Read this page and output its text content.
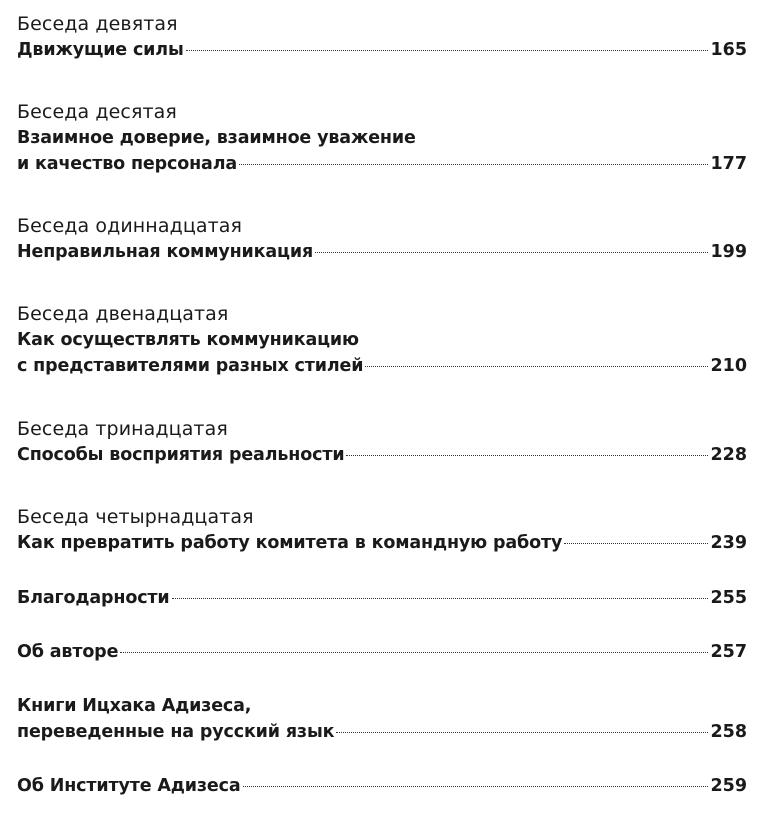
Беседа девятая
Движущие силы	165
Беседа десятая
Взаимное доверие, взаимное уважение
и качество персонала	177
Беседа одиннадцатая
Неправильная коммуникация	199
Беседа двенадцатая
Как осуществлять коммуникацию
с представителями разных стилей	210
Беседа тринадцатая
Способы восприятия реальности	228
Беседа четырнадцатая
Как превратить работу комитета в командную работу	239
Благодарности	255
Об авторе	257
Книги Ицхака Адизеса,
переведенные на русский язык	258
Об Институте Адизеса	259
